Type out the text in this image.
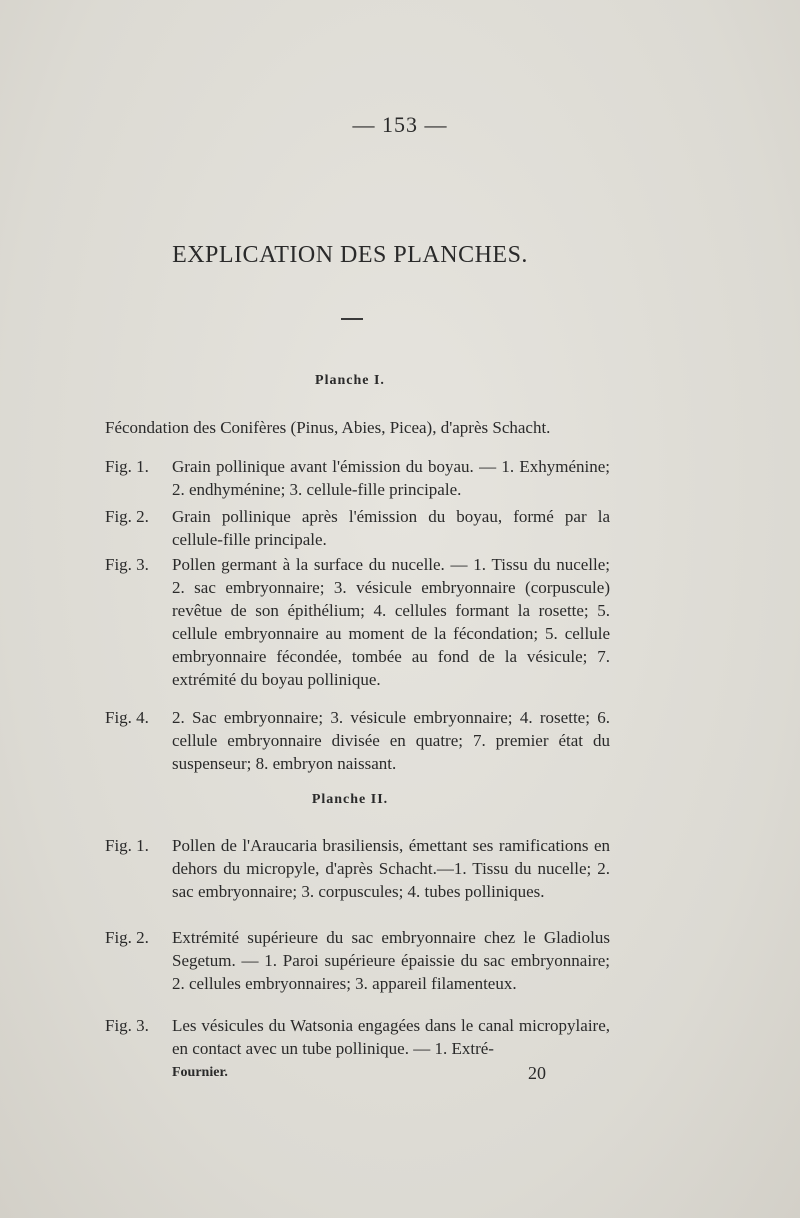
— 153 —
EXPLICATION DES PLANCHES.
Planche I.
Fécondation des Conifères (Pinus, Abies, Picea), d'après Schacht.
Fig. 1.	Grain pollinique avant l'émission du boyau. — 1. Exhyménine; 2. endhyménine; 3. cellule-fille principale.
Fig. 2.	Grain pollinique après l'émission du boyau, formé par la cellule-fille principale.
Fig. 3.	Pollen germant à la surface du nucelle. — 1. Tissu du nucelle; 2. sac embryonnaire; 3. vésicule embryonnaire (corpuscule) revêtue de son épithélium; 4. cellules formant la rosette; 5. cellule embryonnaire au moment de la fécondation; 5. cellule embryonnaire fécondée, tombée au fond de la vésicule; 7. extrémité du boyau pollinique.
Fig. 4.	2. Sac embryonnaire; 3. vésicule embryonnaire; 4. rosette; 6. cellule embryonnaire divisée en quatre; 7. premier état du suspenseur; 8. embryon naissant.
Planche II.
Fig. 1.	Pollen de l'Araucaria brasiliensis, émettant ses ramifications en dehors du micropyle, d'après Schacht.—1. Tissu du nucelle; 2. sac embryonnaire; 3. corpuscules; 4. tubes polliniques.
Fig. 2.	Extrémité supérieure du sac embryonnaire chez le Gladiolus Segetum. — 1. Paroi supérieure épaissie du sac embryonnaire; 2. cellules embryonnaires; 3. appareil filamenteux.
Fig. 3.	Les vésicules du Watsonia engagées dans le canal micropylaire, en contact avec un tube pollinique. — 1. Extré-
Fournier.	20
